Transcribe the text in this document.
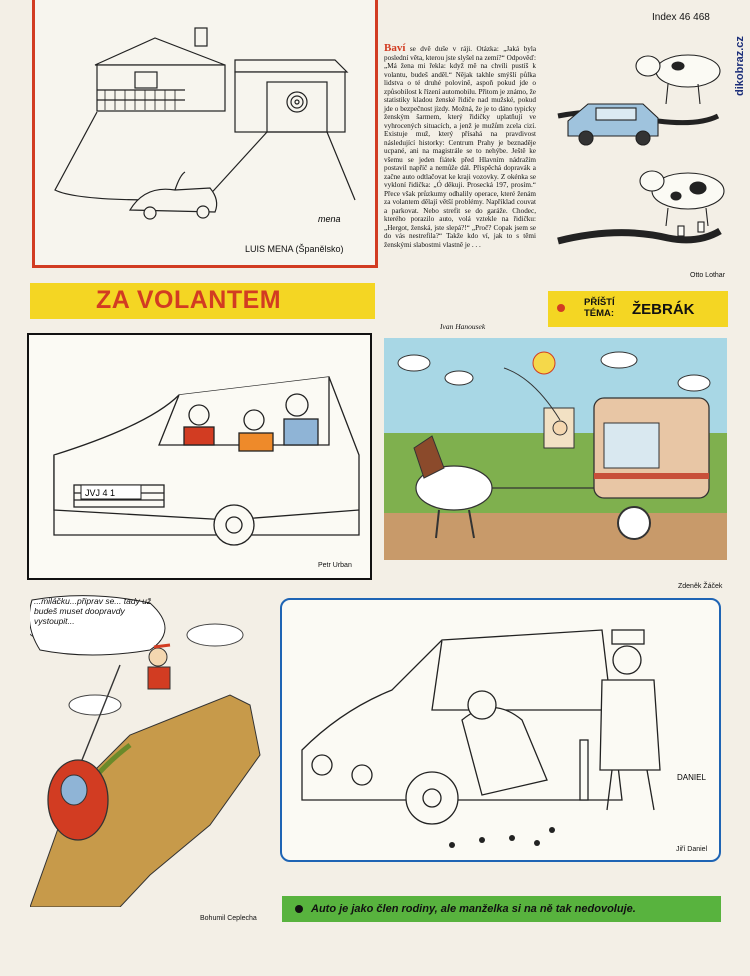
Index 46 468
dikobraz.cz
mena
LUIS MENA (Španělsko)
Baví se dvě duše v ráji. Otázka: „Jaká byla poslední věta, kterou jste slyšel na zemi?“ Odpověď: „Má žena mi řekla: když mě na chvíli pustíš k volantu, budeš anděl.“ Nějak takhle smýšlí půlka lidstva o té druhé polovině, aspoň pokud jde o způsobilost k řízení automobilu. Přitom je známo, že statistiky kladou ženské řidiče nad mužské, pokud jde o bezpečnost jízdy. Možná, že je to dáno typicky ženským šarmem, který řidičky uplatňují ve vyhrocených situacích, a jenž je mužům zcela cizí. Existuje muž, který přísahá na pravdivost následující historky: Centrum Prahy je beznaděje ucpané, ani na magistrále se to nehýbe. Ještě ke všemu se jeden fiátek před Hlavním nádražím postavil napříč a nemůže dál. Přispěchá dopravák a začne auto odtlačovat ke kraji vozovky. Z okénka se vykloní řidička: „Ó děkuji. Prosecká 197, prosím.“ Přece však průzkumy odhalily operace, které ženám za volantem dělají větší problémy. Například couvat a parkovat. Nebo strefit se do garáže. Chodec, kterého porazilo auto, volá vztekle na řidičku: „Hergot, ženská, jste slepá?!“ „Proč? Copak jsem se do vás nestrefila?“ Takže kdo ví, jak to s těmi ženskými slabostmi vlastně je . . .
Ivan Hanousek
Otto Lothar
ZA VOLANTEM	PŘÍŠTÍ
TÉMA: ŽEBRÁK
JVJ 4 1
Petr Urban
Zdeněk Žáček
...miláčku...připrav se... tady už budeš muset doopravdy vystoupit...
Bohumil Ceplecha
DANIEL
Jiří Daniel
Auto je jako člen rodiny, ale manželka si na ně tak nedovoluje.
